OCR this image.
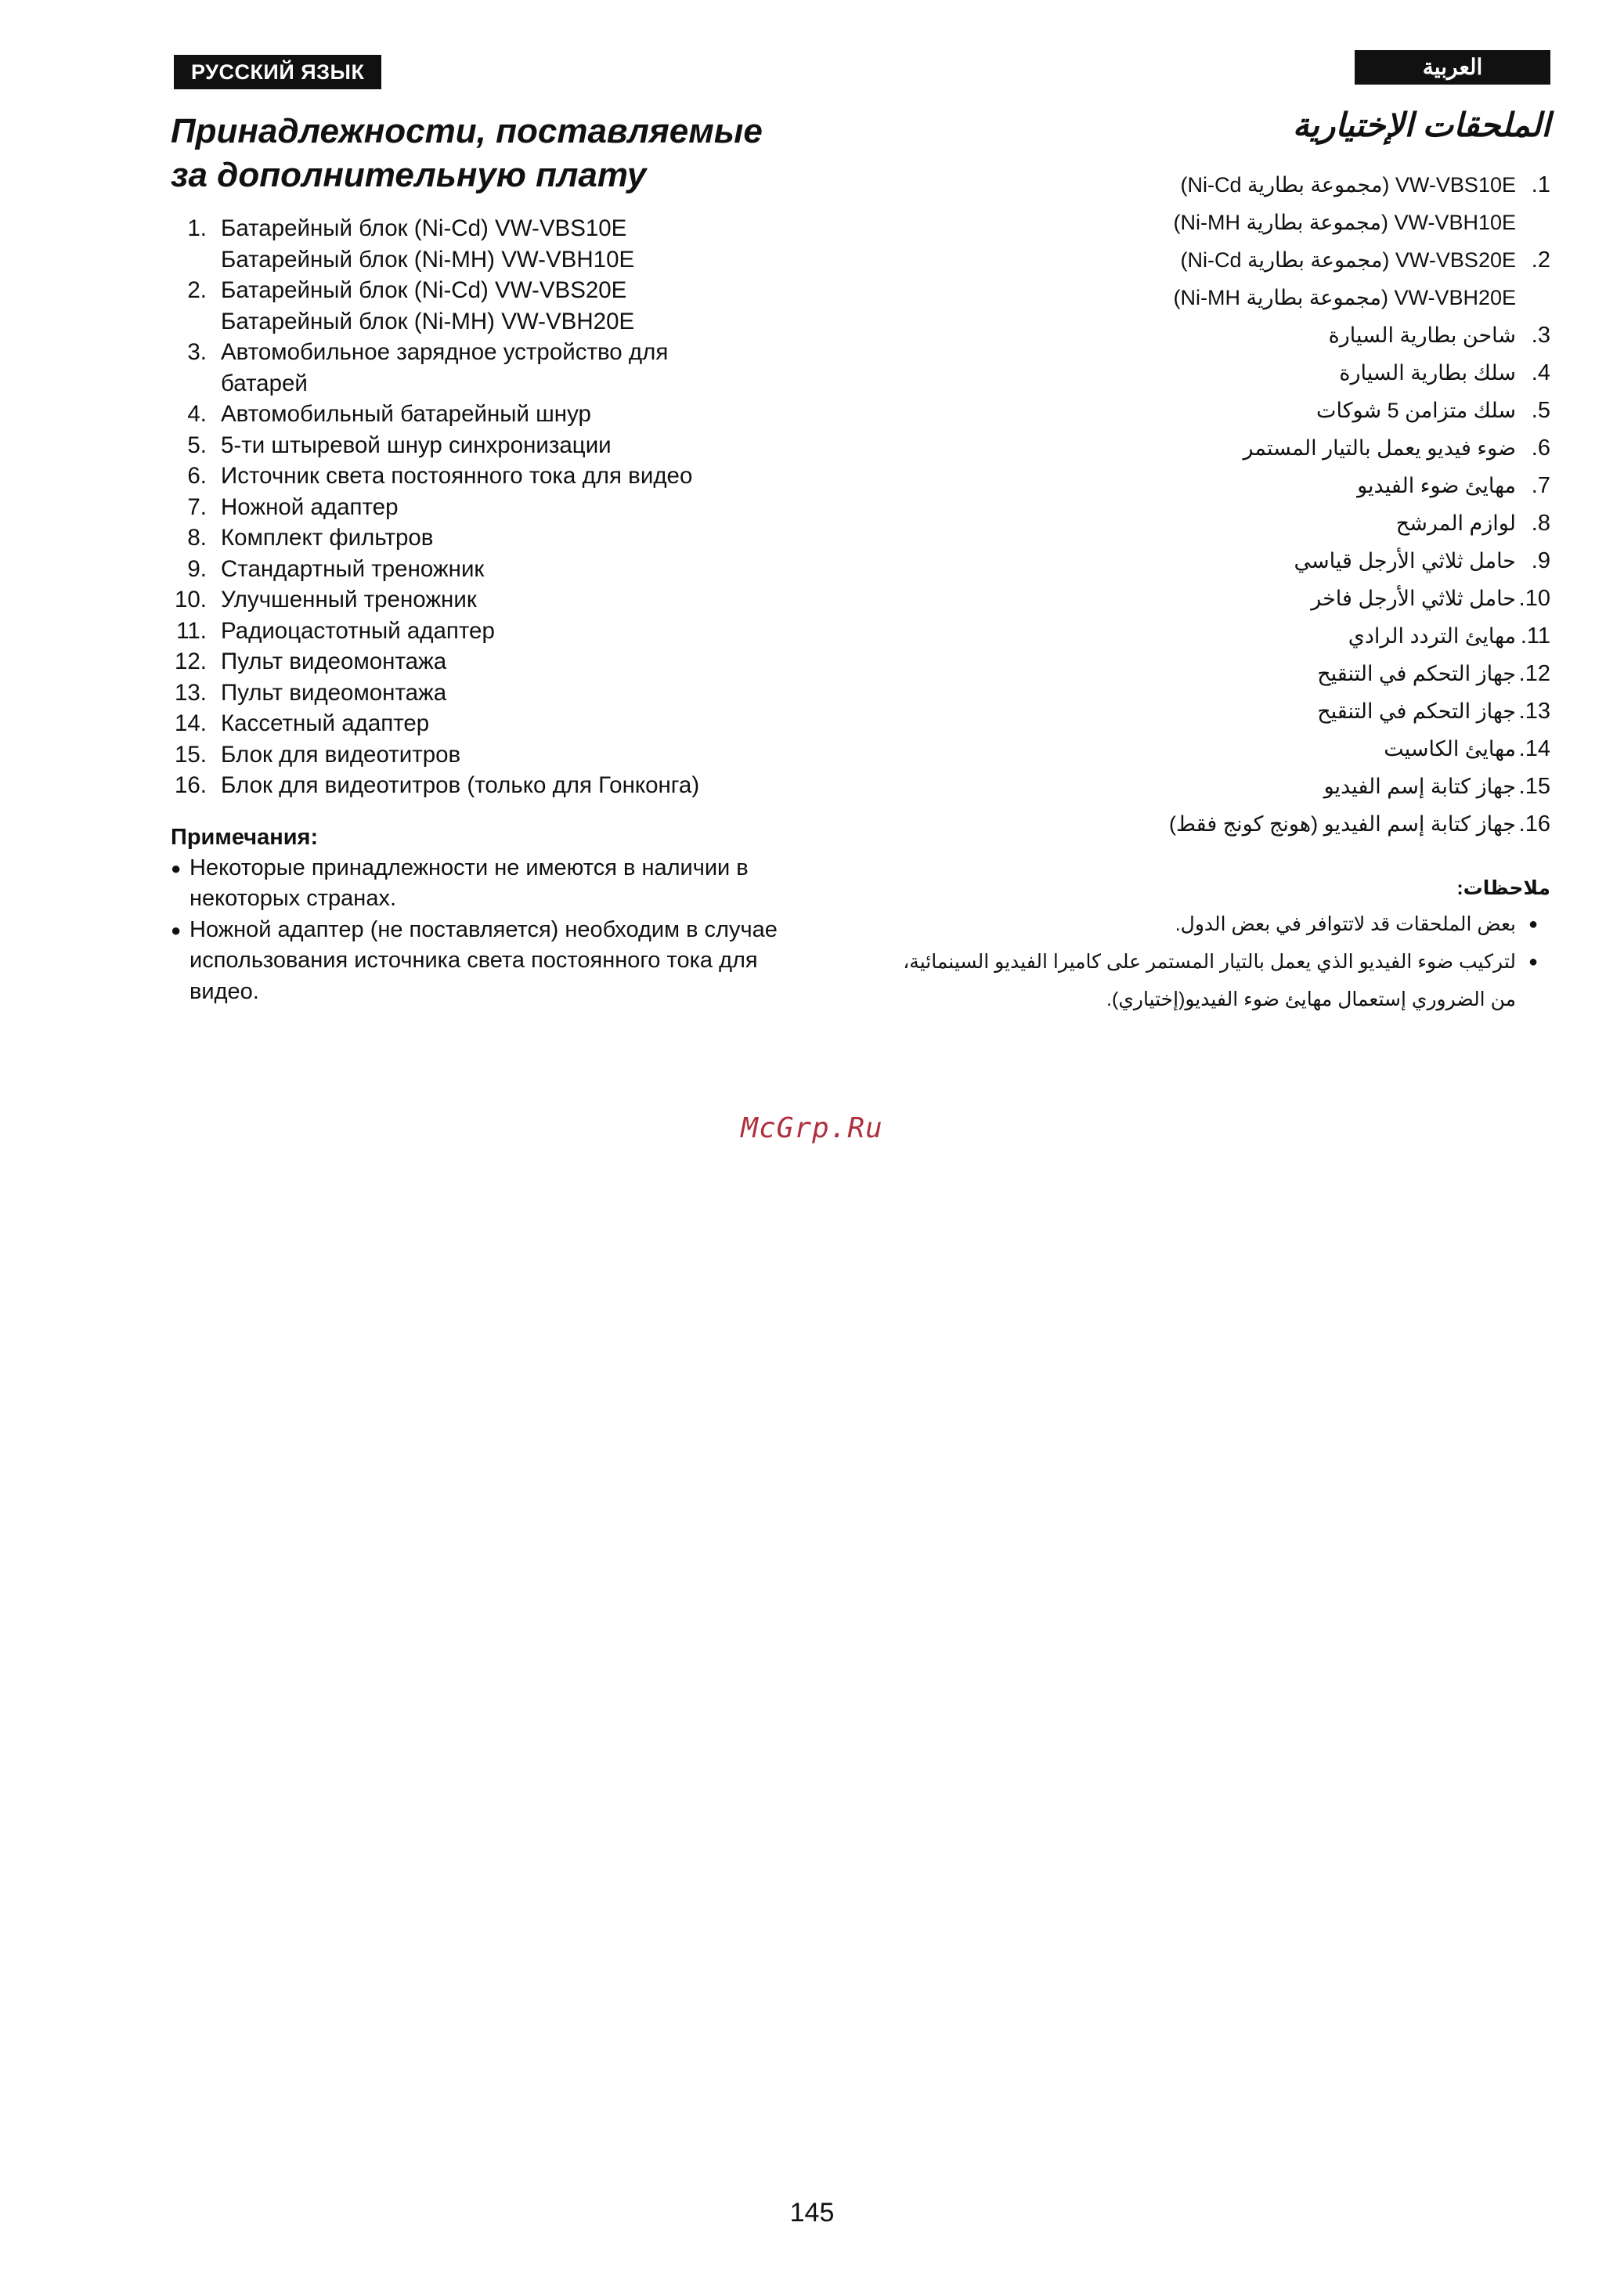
РУССКИЙ ЯЗЫК	العربية
Принадлежности, поставляемые
за дополнительную плату
1. Батарейный блок (Ni-Cd) VW-VBS10E
Батарейный блок (Ni-MH) VW-VBH10E
2. Батарейный блок (Ni-Cd) VW-VBS20E
Батарейный блок (Ni-MH) VW-VBH20E
3. Автомобильное зарядное устройство для
батарей
4. Автомобильный батарейный шнур
5. 5-ти штыревой шнур синхронизации
6. Источник света постоянного тока для видео
7. Ножной адаптер
8. Комплект фильтров
9. Стандартный треножник
10. Улучшенный треножник
11. Радиоцастотный адаптер
12. Пульт видеомонтажа
13. Пульт видеомонтажа
14. Кассетный адаптер
15. Блок для видеотитров
16. Блок для видеотитров (только для Гонконга)
Примечания:
● Некоторые принадлежности не имеются в наличии в некоторых странах.
● Ножной адаптер (не поставляется) необходим в случае использования источника света постоянного тока для видео.
الملحقات الإختيارية
1.
VW-VBS10E (مجموعة بطارية Ni-Cd)
VW-VBH10E (مجموعة بطارية Ni-MH)
2.
VW-VBS20E (مجموعة بطارية Ni-Cd)
VW-VBH20E (مجموعة بطارية Ni-MH)
3.
شاحن بطارية السيارة
4.
سلك بطارية السيارة
5.
سلك متزامن 5 شوكات
6.
ضوء فيديو يعمل بالتيار المستمر
7.
مهايئ ضوء الفيديو
8.
لوازم المرشح
9.
حامل ثلاثي الأرجل قياسي
10.
حامل ثلاثي الأرجل فاخر
11.
مهايئ التردد الرادي
12.
جهاز التحكم في التنقيح
13.
جهاز التحكم في التنقيح
14.
مهايئ الكاسيت
15.
جهاز كتابة إسم الفيديو
16.
جهاز كتابة إسم الفيديو (هونج كونج فقط)
ملاحظات:
●
بعض الملحقات قد لاتتوافر في بعض الدول.
●
لتركيب ضوء الفيديو الذي يعمل بالتيار المستمر على كاميرا الفيديو السينمائية، من الضروري إستعمال مهايئ ضوء الفيديو(إختياري).
McGrp.Ru
145
